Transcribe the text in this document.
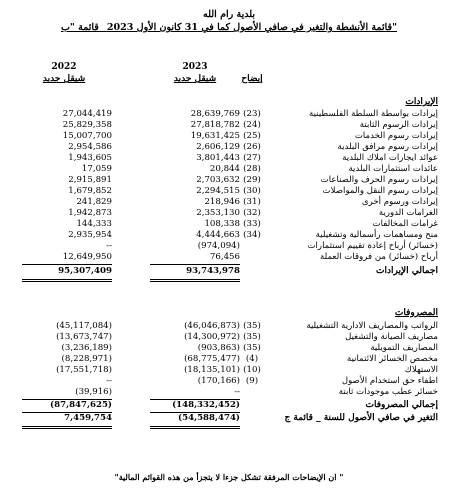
بلدية رام الله
قائمة الأنشطة والتغير في صافي الأصول كما في 31 كانون الأول 2023 _قائمة "ب"
2023
2022
شيقل جديد
شيقل جديد	إيضاح
الإيرادات
إيرادات بواسطة السلطة الفلسطينية
(23)
28,639,769
27,044,419
إيرادات الرسوم الثابتة
(24)
27,818,782
25,829,358
إيرادات رسوم الخدمات
(25)
19,631,425
15,007,700
إيرادات رسوم مرافق البلدية
(26)
2,606,129
2,954,586
عوائد ايجارات املاك البلدية
(27)
3,801,443
1,943,605
عائدات استثمارات البلدية
(28)
20,844
17,059
إيرادات رسوم الحرف والصناعات
(29)
2,703,632
2,915,891
إيرادات رسوم النقل والمواصلات
(30)
2,294,515
1,679,852
إيرادات ورسوم أخرى
(31)
218,946
241,829
الغرامات الدورية
(32)
2,353,130
1,942,873
غرامات المخالفات
(33)
108,338
144,333
منح ومساهمات رأسمالية وتشغيلية
(34)
4,444,663
2,935,954
(خسائر) أرباح إعادة تقييم استثمارات
(974,094)
--
أرباح (خسائر) من فروقات العملة
76,456
12,649,950
اجمالي الإيرادات
93,743,978
95,307,409
المصروفات
الرواتب والمصاريف الادارية التشغيلية
(35)
(46,046,873)
(45,117,084)
مصاريف الصيانة والتشغيل
(35)
(14,300,972)
(13,673,747)
المصاريف التمويلية
(35)
(903,863)
(3,236,189)
مخصص الخسائر الائتمانية
(4)
(68,775,477)
(8,228,971)
الاستهلاك
(10)
(18,135,101)
(17,551,718)
اطفاء حق استخدام الأصول
(9)
(170,166)
--
خسائر عطب موجودات ثابتة
--
(39,916)
إجمالي المصروفات
(148,332,452)
(87,847,625)
التغير في صافي الأصول للسنة _ قائمة ج
(54,588,474)
7,459,754
" ان الإيضاحات المرفقة تشكل جزءا لا يتجزأ من هذه القوائم المالية"
